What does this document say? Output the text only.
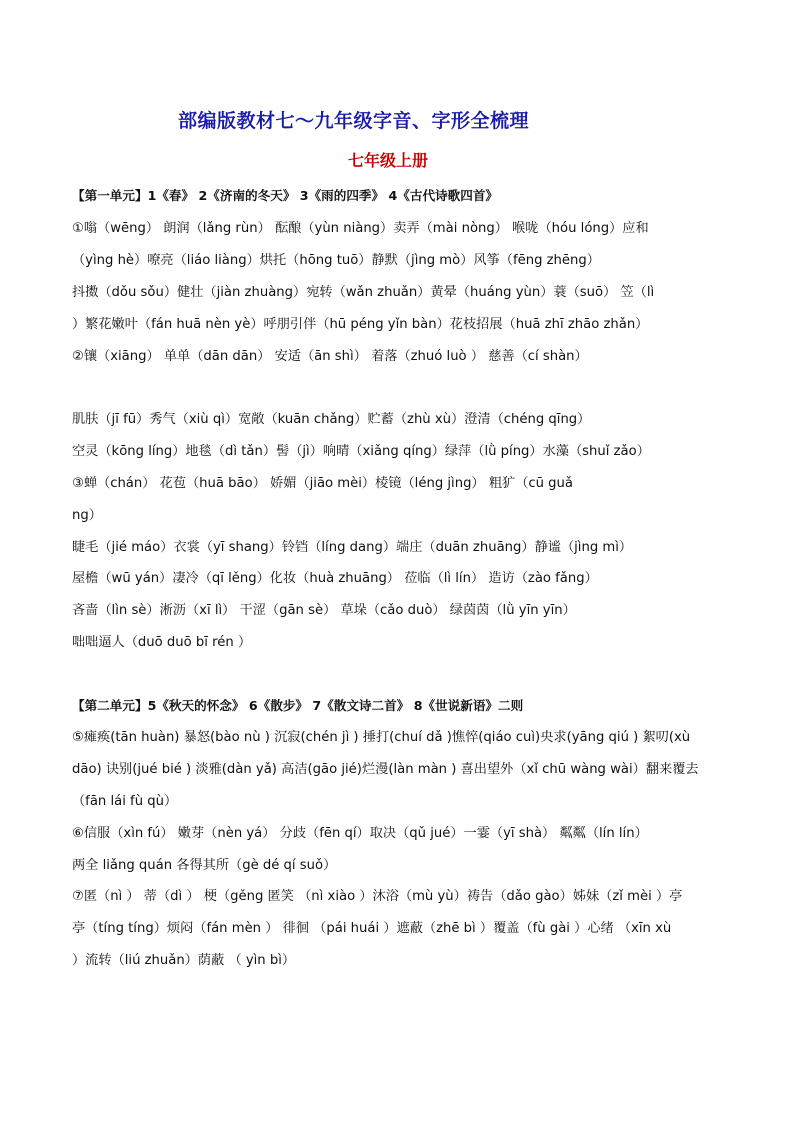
部编版教材七～九年级字音、字形全梳理
七年级上册
【第一单元】1《春》 2《济南的冬天》 3《雨的四季》 4《古代诗歌四首》
①嗡（wēng） 朗润（lǎng rùn） 酝酿（yùn niàng）卖弄（mài nòng） 喉咙（hóu lóng）应和
（yìng hè）嘹亮（liáo liàng）烘托（hōng tuō）静默（jìng mò）风筝（fēng zhēng）
抖擞（dǒu sǒu）健壮（jiàn zhuàng）宛转（wǎn zhuǎn）黄晕（huáng yùn）蓑（suō） 笠（lì
）繁花嫩叶（fán huā nèn yè）呼朋引伴（hū péng yǐn bàn）花枝招展（huā zhī zhāo zhǎn）
②镶（xiāng） 单单（dān dān） 安适（ān shì） 着落（zhuó luò ） 慈善（cí shàn）
肌肤（jī fū）秀气（xiù qì）宽敞（kuān chǎng）贮蓄（zhù xù）澄清（chéng qīng）
空灵（kōng líng）地毯（dì tǎn）髻（jì）响晴（xiǎng qíng）绿萍（lǜ píng）水藻（shuǐ zǎo）
③蝉（chán） 花苞（huā bāo） 娇媚（jiāo mèi）棱镜（léng jìng） 粗犷（cū guǎ
ng）
睫毛（jié máo）衣裳（yī shang）铃铛（líng dang）端庄（duān zhuāng）静谧（jìng mì）
屋檐（wū yán）凄冷（qī lěng）化妆（huà zhuāng） 莅临（lì lín） 造访（zào fǎng）
吝啬（lìn sè）淅沥（xī lì） 干涩（gān sè） 草垛（cǎo duò） 绿茵茵（lǜ yīn yīn）
咄咄逼人（duō duō bī rén ）
【第二单元】5《秋天的怀念》 6《散步》 7《散文诗二首》 8《世说新语》二则
⑤瘫痪(tān huàn) 暴怒(bào nù ) 沉寂(chén jì ) 捶打(chuí dǎ )憔悴(qiáo cuì)央求(yāng qiú ) 絮叨(xù
dāo) 诀别(jué bié ) 淡雅(dàn yǎ) 高洁(gāo jié)烂漫(làn màn ) 喜出望外（xǐ chū wàng wài）翻来覆去
（fān lái fù qù）
⑥信服（xìn fú） 嫩芽（nèn yá） 分歧（fēn qí）取决（qǔ jué）一霎（yī shà） 粼粼（lín lín）
两全 liǎng quán 各得其所（gè dé qí suǒ）
⑦匿（nì ） 蒂（dì ） 梗（gěng 匿笑 （nì xiào ）沐浴（mù yù）祷告（dǎo gào）姊妹（zǐ mèi ）亭
亭（tíng tíng）烦闷（fán mèn ） 徘徊 （pái huái ）遮蔽（zhē bì ）覆盖（fù gài ）心绪 （xīn xù
）流转（liú zhuǎn）荫蔽 （ yìn bì）
